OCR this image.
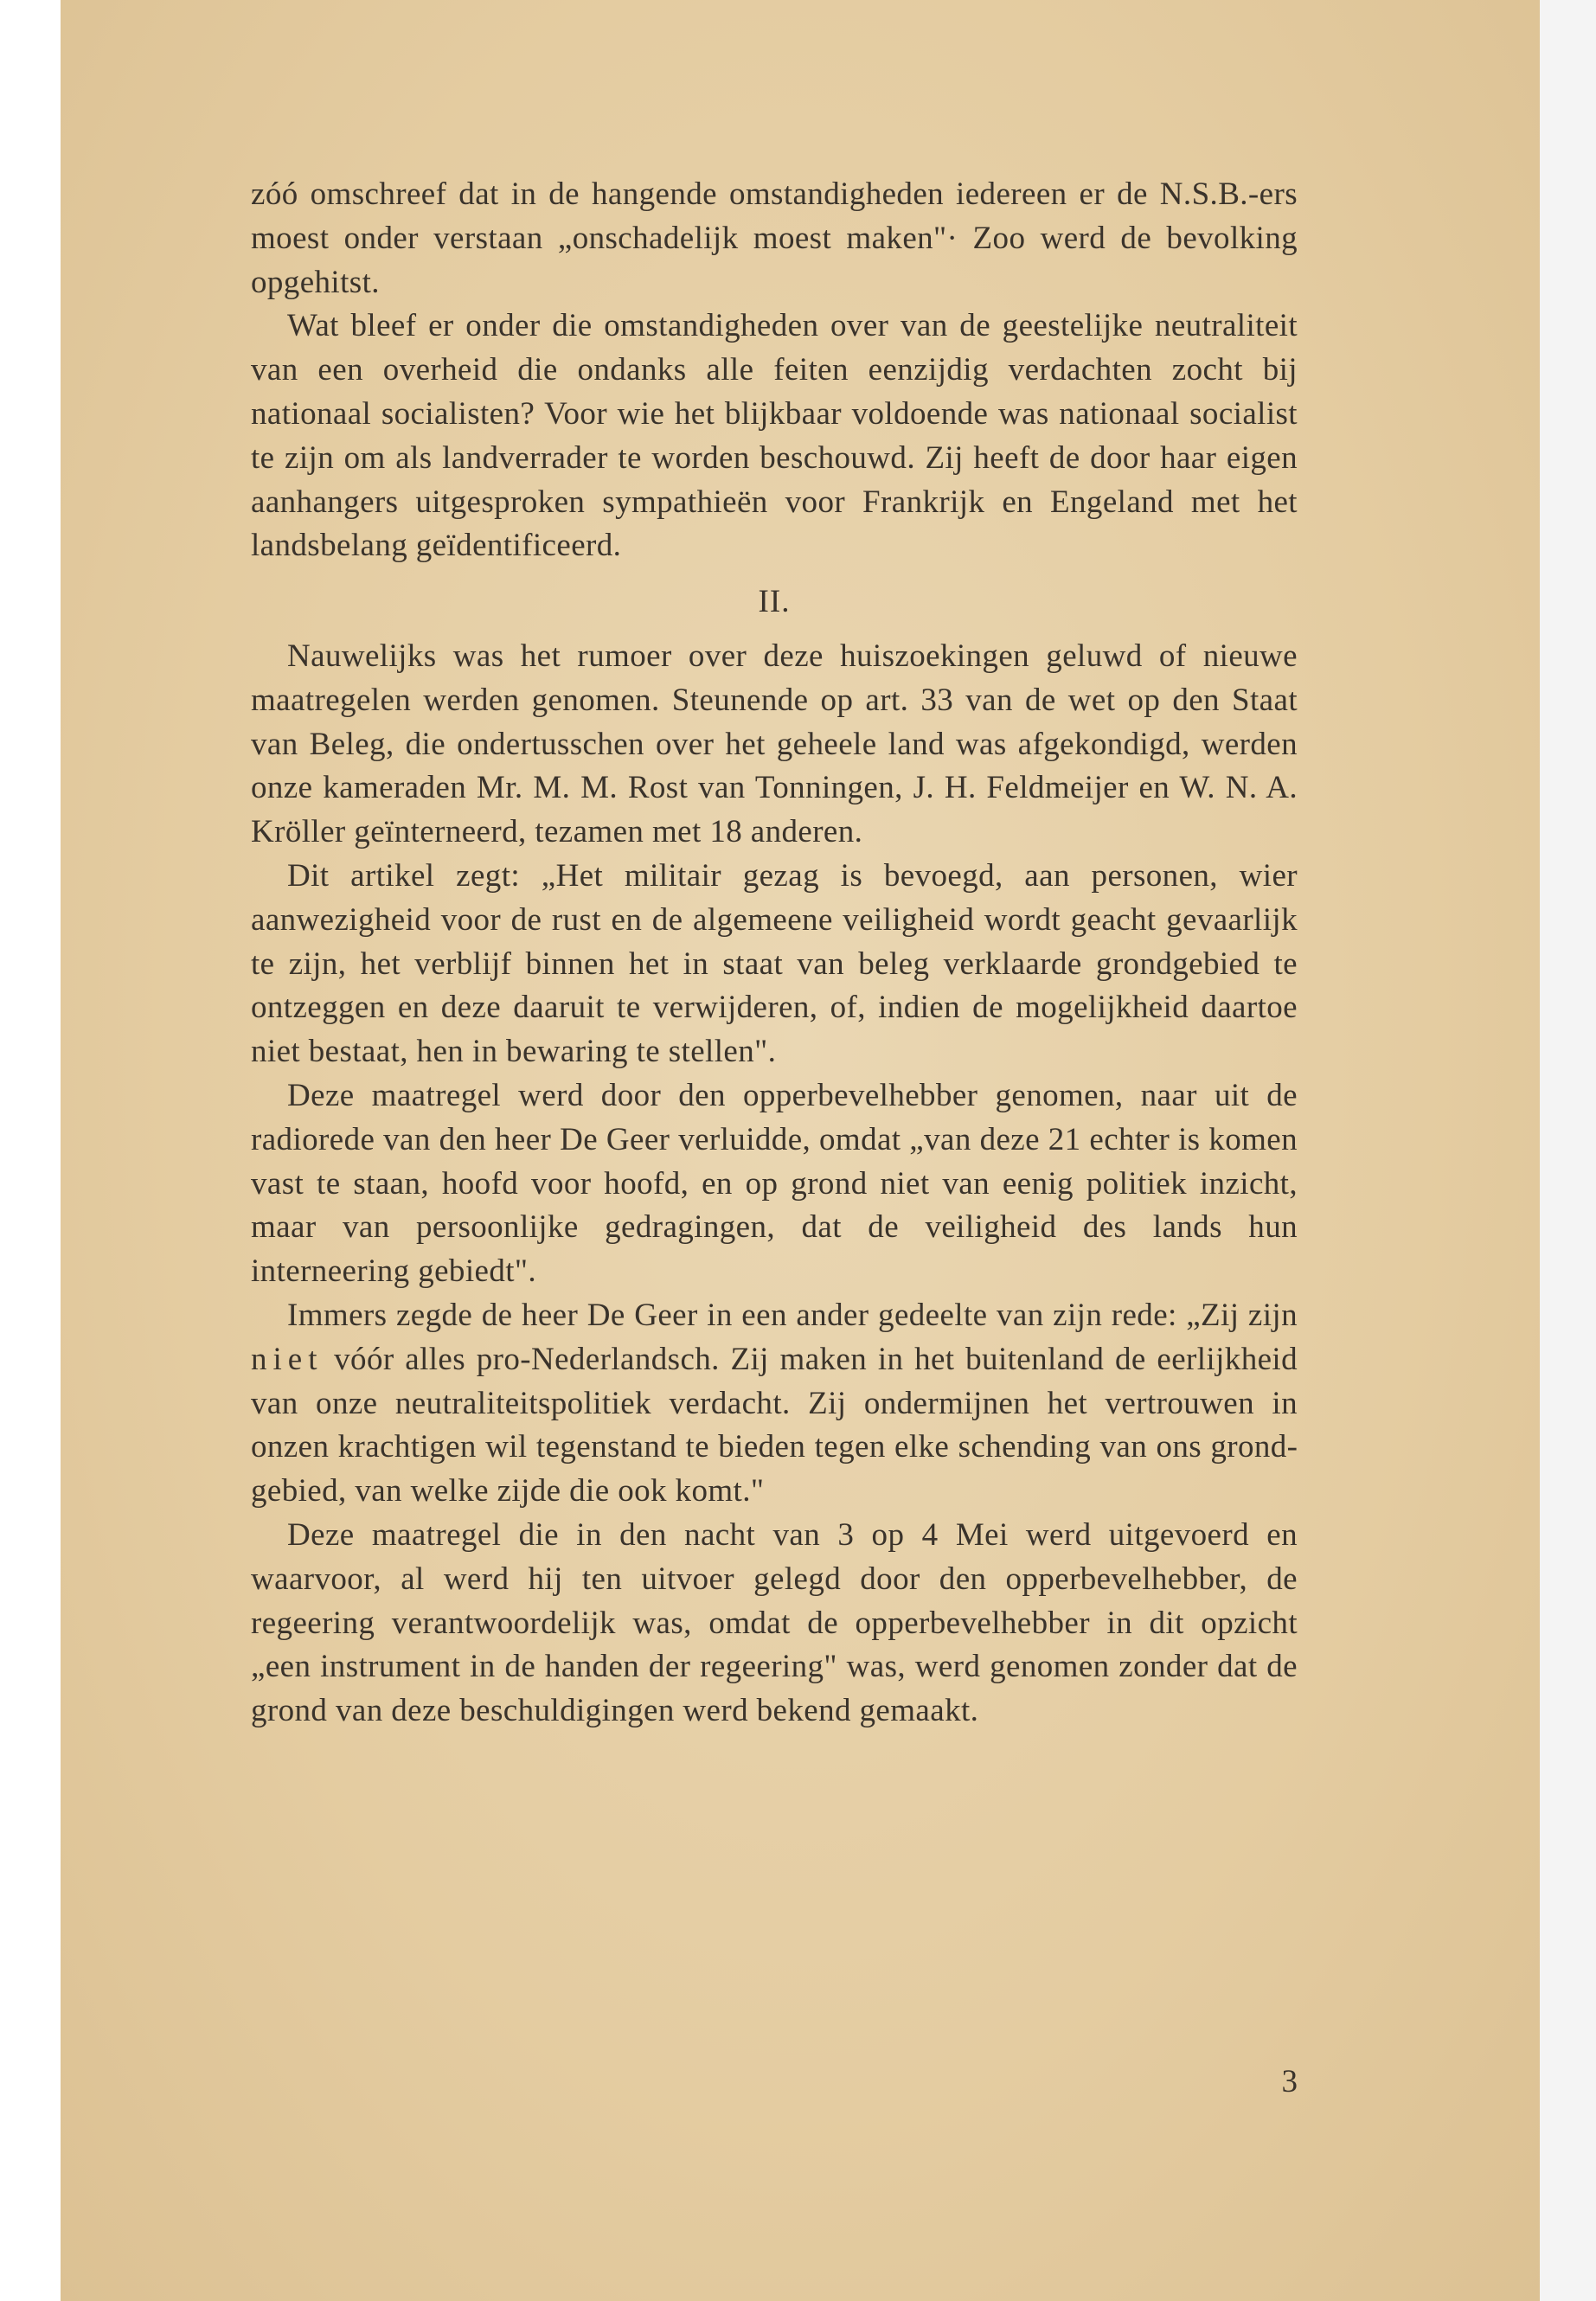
zóó omschreef dat in de hangende omstandigheden iedereen er de N.S.B.-ers moest onder verstaan „onschadelijk moest maken"· Zoo werd de bevolking opgehitst.

Wat bleef er onder die omstandigheden over van de geestelijke neutraliteit van een overheid die ondanks alle feiten eenzijdig verdachten zocht bij nationaal socialisten? Voor wie het blijkbaar voldoende was nationaal socialist te zijn om als landverrader te worden beschouwd. Zij heeft de door haar eigen aanhangers uitgesproken sympathieën voor Frankrijk en Engeland met het landsbelang geïdentificeerd.

II.

Nauwelijks was het rumoer over deze huiszoekingen geluwd of nieuwe maatregelen werden genomen. Steunende op art. 33 van de wet op den Staat van Beleg, die ondertusschen over het geheele land was afgekondigd, werden onze kameraden Mr. M. M. Rost van Tonningen, J. H. Feldmeijer en W. N. A. Kröller geïnterneerd, tezamen met 18 anderen.

Dit artikel zegt: „Het militair gezag is bevoegd, aan personen, wier aanwezigheid voor de rust en de algemeene veiligheid wordt geacht gevaarlijk te zijn, het verblijf binnen het in staat van beleg verklaarde grondgebied te ontzeggen en deze daaruit te verwijderen, of, indien de mogelijkheid daartoe niet bestaat, hen in bewaring te stellen".

Deze maatregel werd door den opperbevelhebber genomen, naar uit de radiorede van den heer De Geer verluidde, omdat „van deze 21 echter is komen vast te staan, hoofd voor hoofd, en op grond niet van eenig politiek inzicht, maar van persoonlijke gedragingen, dat de veiligheid des lands hun interneering gebiedt".

Immers zegde de heer De Geer in een ander gedeelte van zijn rede: „Zij zijn niet vóór alles pro-Nederlandsch. Zij maken in het buitenland de eerlijkheid van onze neutraliteitspolitiek verdacht. Zij ondermijnen het vertrouwen in onzen krachtigen wil tegenstand te bieden tegen elke schending van ons grondgebied, van welke zijde die ook komt."

Deze maatregel die in den nacht van 3 op 4 Mei werd uitgevoerd en waarvoor, al werd hij ten uitvoer gelegd door den opperbevelhebber, de regeering verantwoordelijk was, omdat de opperbevelhebber in dit opzicht „een instrument in de handen der regeering" was, werd genomen zonder dat de grond van deze beschuldigingen werd bekend gemaakt.

3
